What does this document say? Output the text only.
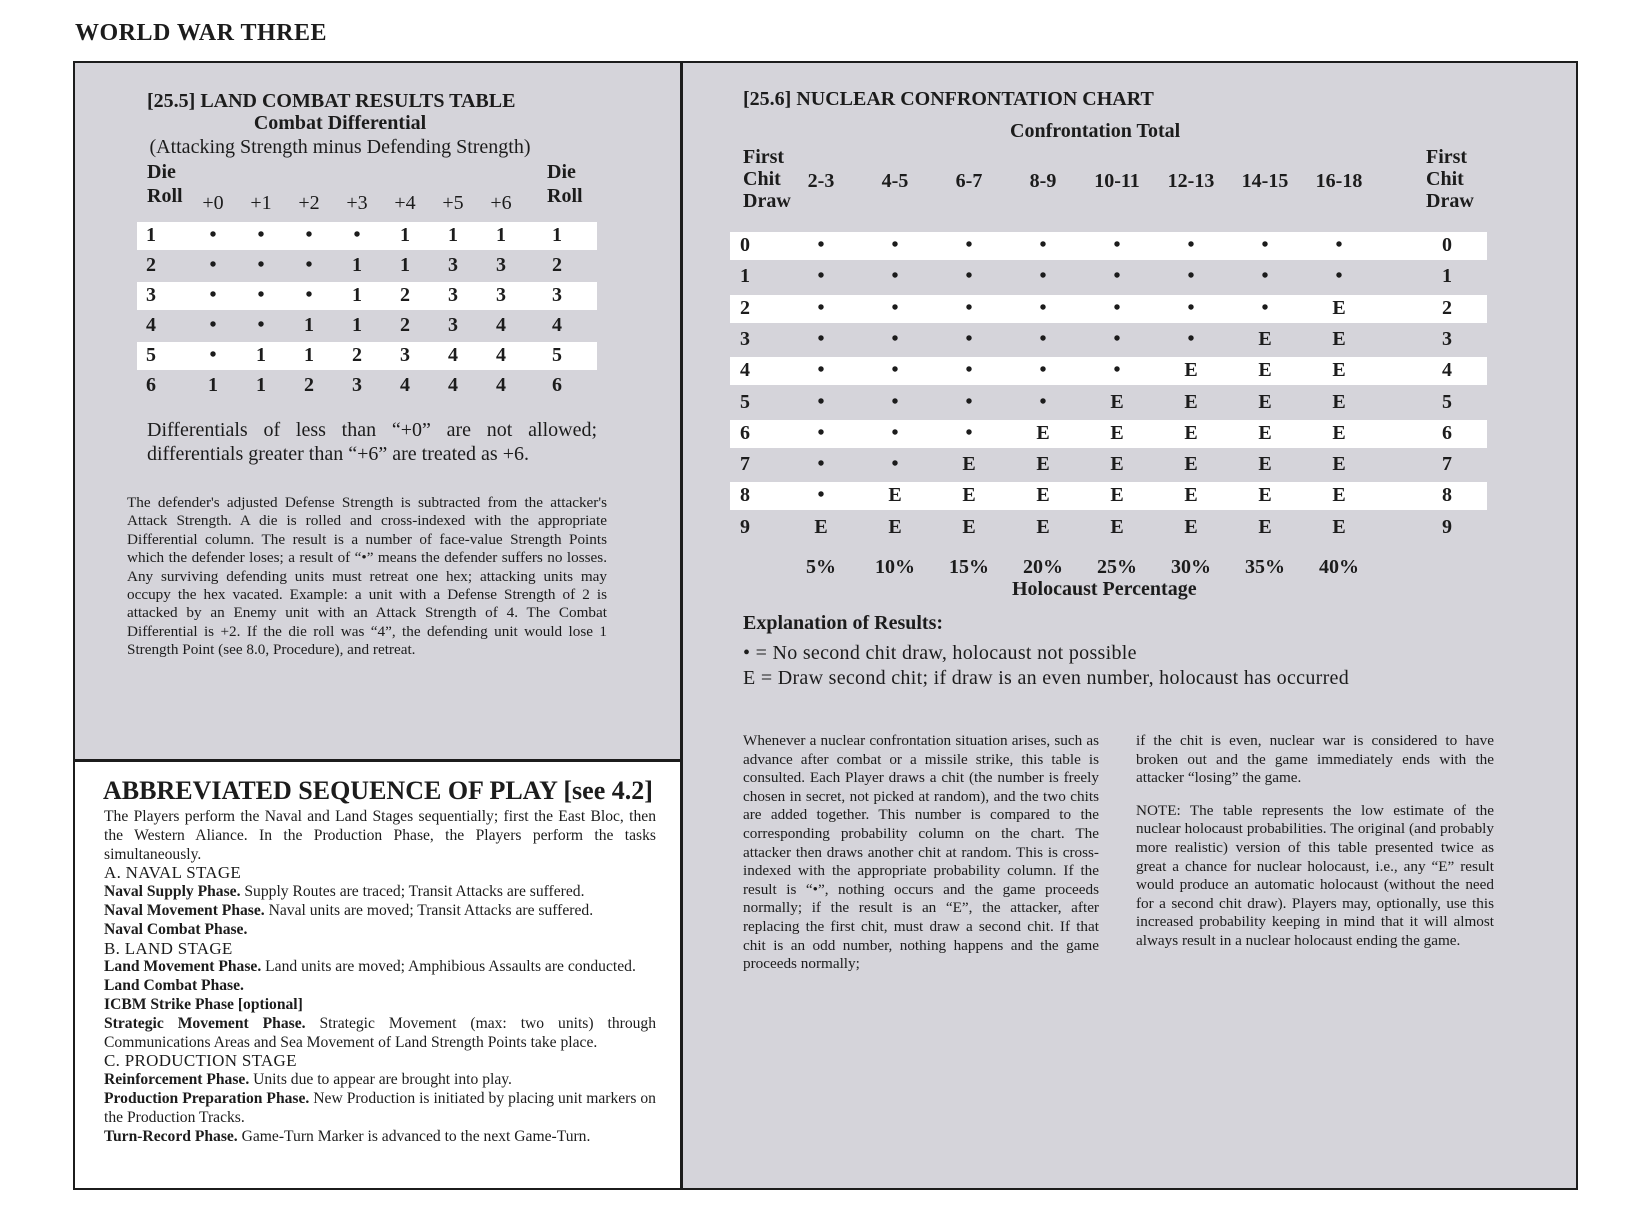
WORLD WAR THREE
[25.5] LAND COMBAT RESULTS TABLE
Combat Differential
(Attacking Strength minus Defending Strength)
Die
Roll
Die
Roll
+0	+1	+2	+3	+4	+5	+6
1	•	•	•	•	1	1	1	1
2	•	•	•	1	1	3	3	2
3	•	•	•	1	2	3	3	3
4	•	•	1	1	2	3	4	4
5	•	1	1	2	3	4	4	5
6	1	1	2	3	4	4	4	6
Differentials of less than “+0” are not allowed; differentials greater than “+6” are treated as +6.
The defender's adjusted Defense Strength is subtracted from the attacker's Attack Strength. A die is rolled and cross-indexed with the appropriate Differential column. The result is a number of face-value Strength Points which the defender loses; a result of “•” means the defender suffers no losses. Any surviving defending units must retreat one hex; attacking units may occupy the hex vacated. Example: a unit with a Defense Strength of 2 is attacked by an Enemy unit with an Attack Strength of 4. The Combat Differential is +2. If the die roll was “4”, the defending unit would lose 1 Strength Point (see 8.0, Procedure), and retreat.
[25.6] NUCLEAR CONFRONTATION CHART
Confrontation Total
First
Chit
Draw
First
Chit
Draw
2-3	4-5	6-7	8-9	10-11	12-13	14-15	16-18
0	•	•	•	•	•	•	•	•	0
1	•	•	•	•	•	•	•	•	1
2	•	•	•	•	•	•	•	E	2
3	•	•	•	•	•	•	E	E	3
4	•	•	•	•	•	E	E	E	4
5	•	•	•	•	E	E	E	E	5
6	•	•	•	E	E	E	E	E	6
7	•	•	E	E	E	E	E	E	7
8	•	E	E	E	E	E	E	E	8
9	E	E	E	E	E	E	E	E	9
5%	10%	15%	20%	25%	30%	35%	40%
Holocaust Percentage
Explanation of Results:
• = No second chit draw, holocaust not possible
E = Draw second chit; if draw is an even number, holocaust has occurred
Whenever a nuclear confrontation situation arises, such as advance after combat or a missile strike, this table is consulted. Each Player draws a chit (the number is freely chosen in secret, not picked at random), and the two chits are added together. This number is compared to the corresponding probability column on the chart. The attacker then draws another chit at random. This is cross-indexed with the appropriate probability column. If the result is “•”, nothing occurs and the game proceeds normally; if the result is an “E”, the attacker, after replacing the first chit, must draw a second chit. If that chit is an odd number, nothing happens and the game proceeds normally;

if the chit is even, nuclear war is considered to have broken out and the game immediately ends with the attacker “losing” the game.

NOTE: The table represents the low estimate of the nuclear holocaust probabilities. The original (and probably more realistic) version of this table presented twice as great a chance for nuclear holocaust, i.e., any “E” result would produce an automatic holocaust (without the need for a second chit draw). Players may, optionally, use this increased probability keeping in mind that it will almost always result in a nuclear holocaust ending the game.

ABBREVIATED SEQUENCE OF PLAY [see 4.2]
The Players perform the Naval and Land Stages sequentially; first the East Bloc, then the Western Aliance. In the Production Phase, the Players perform the tasks simultaneously.
A. NAVAL STAGE
Naval Supply Phase. Supply Routes are traced; Transit Attacks are suffered.
Naval Movement Phase. Naval units are moved; Transit Attacks are suffered.
Naval Combat Phase.
B. LAND STAGE
Land Movement Phase. Land units are moved; Amphibious Assaults are conducted.
Land Combat Phase.
ICBM Strike Phase [optional]
Strategic Movement Phase. Strategic Movement (max: two units) through Communications Areas and Sea Movement of Land Strength Points take place.
C. PRODUCTION STAGE
Reinforcement Phase. Units due to appear are brought into play.
Production Preparation Phase. New Production is initiated by placing unit markers on the Production Tracks.
Turn-Record Phase. Game-Turn Marker is advanced to the next Game-Turn.
